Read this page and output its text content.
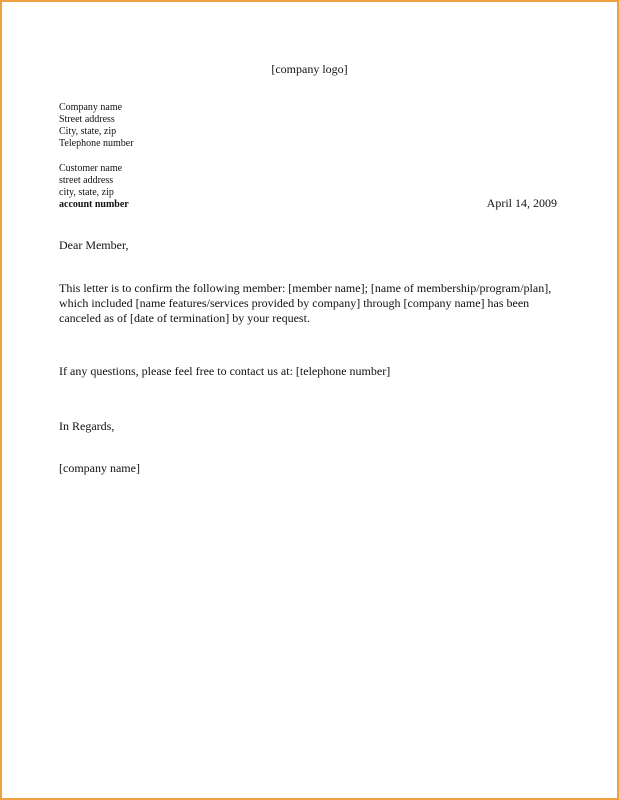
[company logo]
Company name
Street address
City, state, zip
Telephone number
Customer name
street address
city, state, zip
account number	April 14, 2009
Dear Member,
This letter is to confirm the following member: [member name]; [name of membership/program/plan],
which included [name features/services provided by company] through [company name] has been
canceled as of [date of termination] by your request.
If any questions, please feel free to contact us at: [telephone number]
In Regards,
[company name]
